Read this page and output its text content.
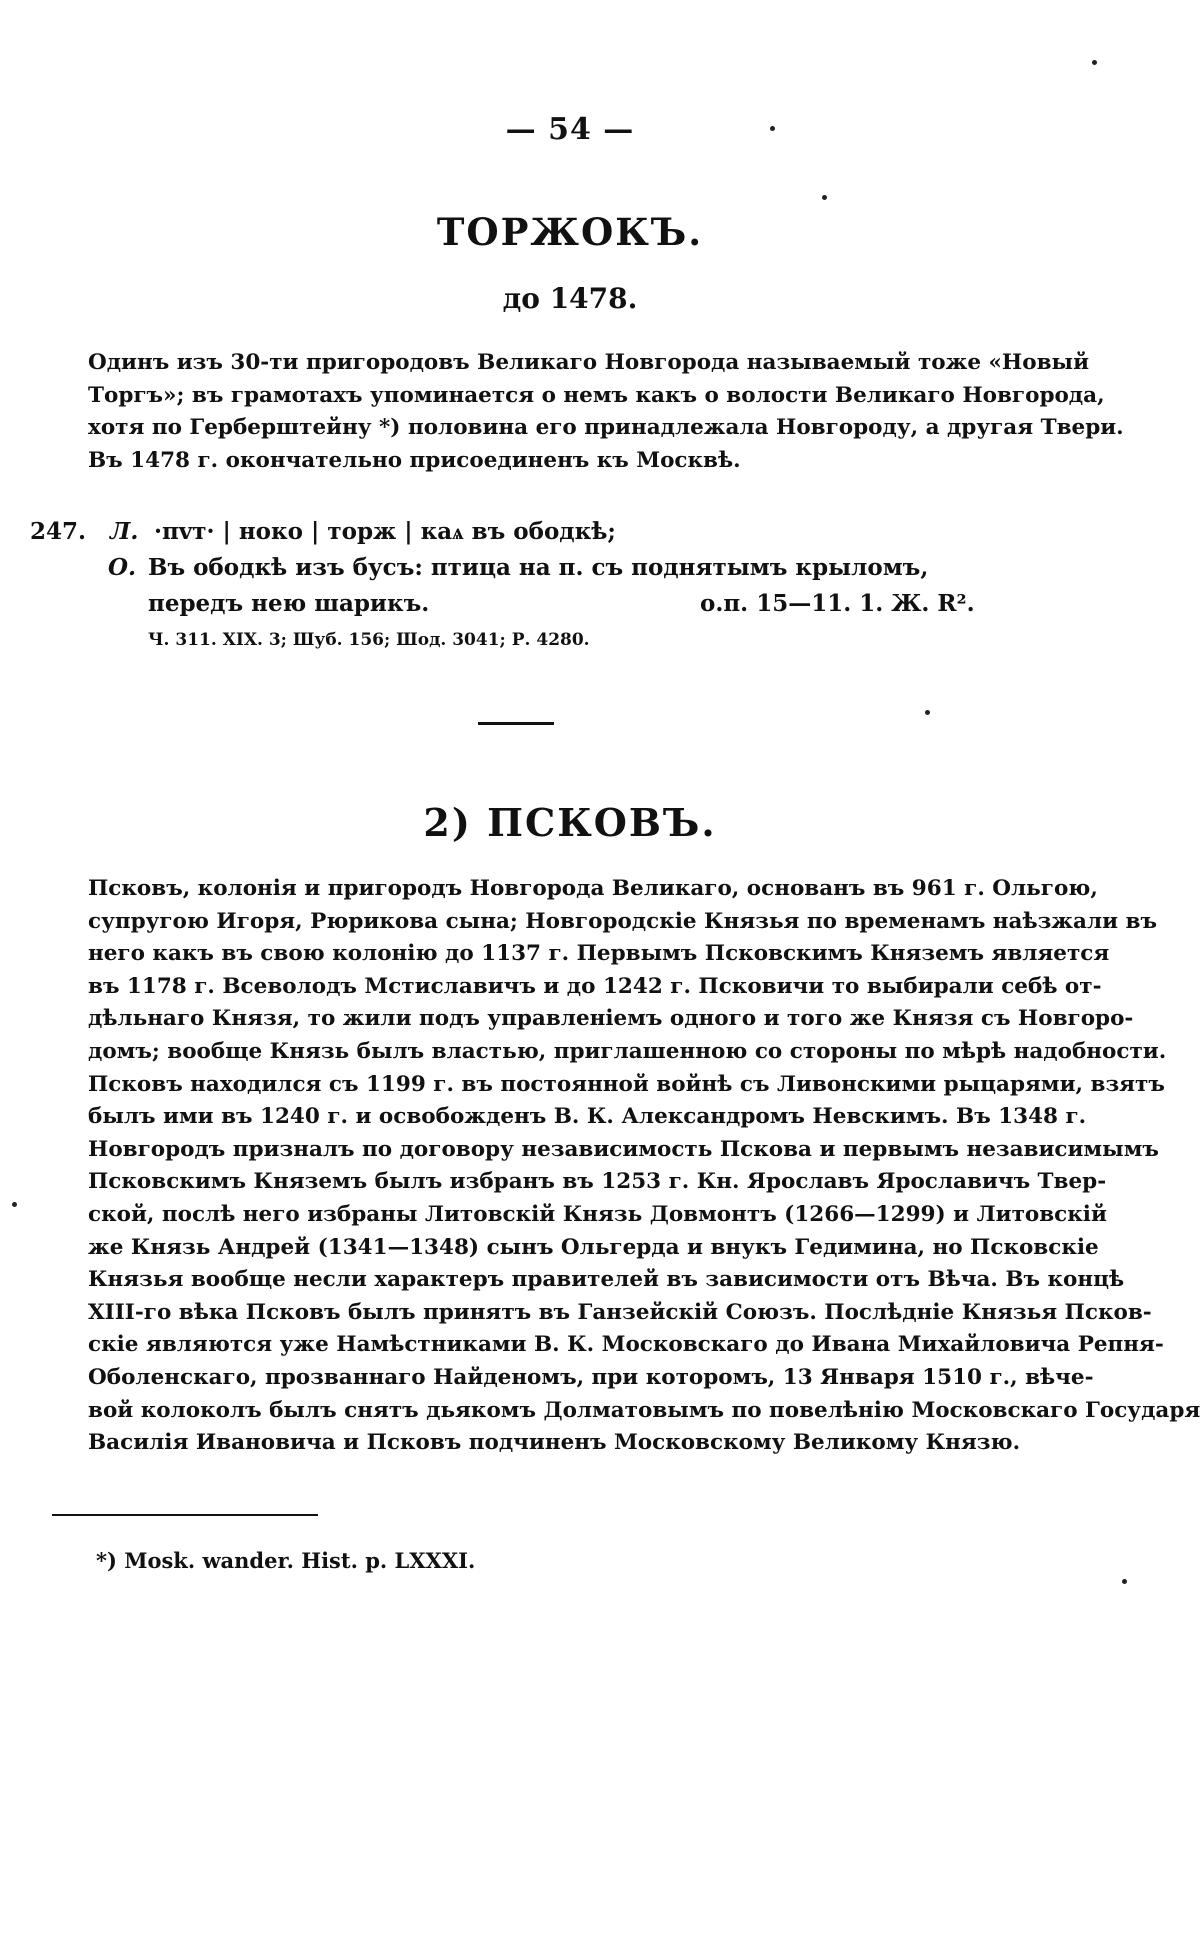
— 54 —
ТОРЖОКЪ.
до 1478.
Одинъ изъ 30-ти пригородовъ Великаго Новгорода называемый тоже «Новый
Торгъ»; въ грамотахъ упоминается о немъ какъ о волости Великаго Новгорода,
хотя по Герберштейну *) половина его принадлежала Новгороду, а другая Твери.
Въ 1478 г. окончательно присоединенъ къ Москвѣ.
247. Л. ·пvт· | ноко | торж | каѧ въ ободкѣ;
О. Въ ободкѣ изъ бусъ: птица на п. съ поднятымъ крыломъ,
передъ нею шарикъ.	о.п. 15—11. 1. Ж. R².
Ч. 311. XIX. 3; Шуб. 156; Шод. 3041; Р. 4280.
2) ПСКОВЪ.
Псковъ, колонія и пригородъ Новгорода Великаго, основанъ въ 961 г. Ольгою,
супругою Игоря, Рюрикова сына; Новгородскіе Князья по временамъ наѣзжали въ
него какъ въ свою колонію до 1137 г. Первымъ Псковскимъ Княземъ является
въ 1178 г. Всеволодъ Мстиславичъ и до 1242 г. Псковичи то выбирали себѣ от-
дѣльнаго Князя, то жили подъ управленіемъ одного и того же Князя съ Новгоро-
домъ; вообще Князь былъ властью, приглашенною со стороны по мѣрѣ надобности.
Псковъ находился съ 1199 г. въ постоянной войнѣ съ Ливонскими рыцарями, взятъ
былъ ими въ 1240 г. и освобожденъ В. К. Александромъ Невскимъ. Въ 1348 г.
Новгородъ призналъ по договору независимость Пскова и первымъ независимымъ
Псковскимъ Княземъ былъ избранъ въ 1253 г. Кн. Ярославъ Ярославичъ Твер-
ской, послѣ него избраны Литовскій Князь Довмонтъ (1266—1299) и Литовскій
же Князь Андрей (1341—1348) сынъ Ольгерда и внукъ Гедимина, но Псковскіе
Князья вообще несли характеръ правителей въ зависимости отъ Вѣча. Въ концѣ
XIII-го вѣка Псковъ былъ принятъ въ Ганзейскій Союзъ. Послѣдніе Князья Псков-
скіе являются уже Намѣстниками В. К. Московскаго до Ивана Михайловича Репня-
Оболенскаго, прозваннаго Найденомъ, при которомъ, 13 Января 1510 г., вѣче-
вой колоколъ былъ снятъ дьякомъ Долматовымъ по повелѣнію Московскаго Государя
Василія Ивановича и Псковъ подчиненъ Московскому Великому Князю.
*) Mosk. wander. Hist. p. LXXXI.
